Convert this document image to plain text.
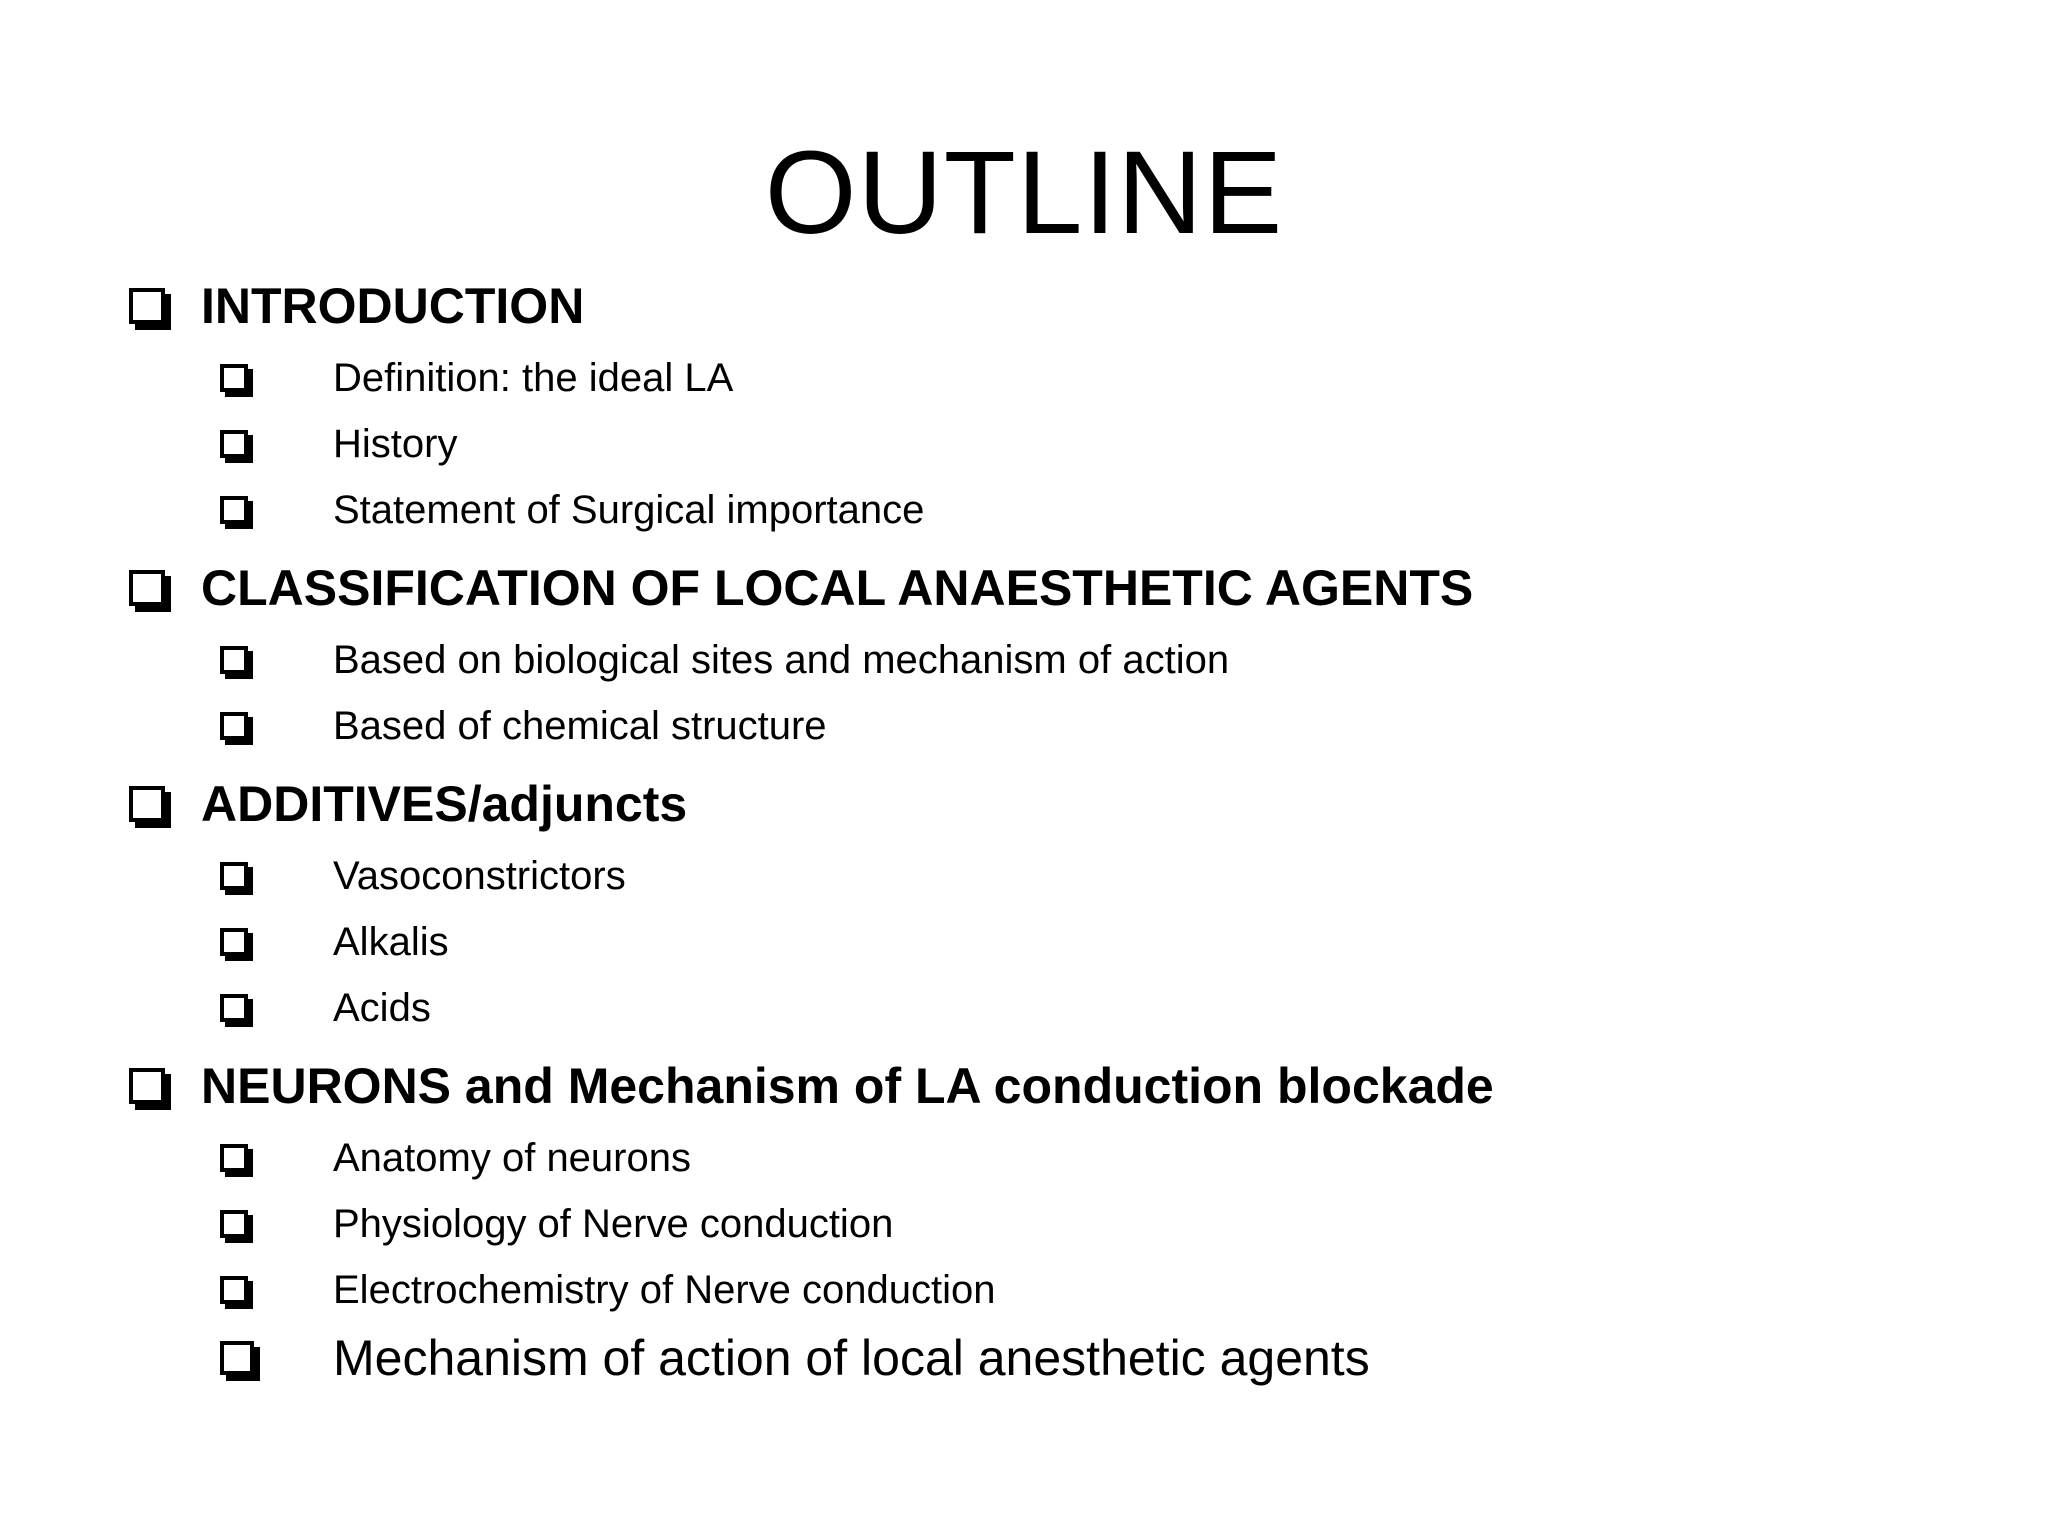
OUTLINE
INTRODUCTION
Definition: the ideal LA
History
Statement of Surgical importance
CLASSIFICATION OF LOCAL ANAESTHETIC AGENTS
Based on biological sites and mechanism of action
Based of chemical structure
ADDITIVES/adjuncts
Vasoconstrictors
Alkalis
Acids
NEURONS and Mechanism of LA conduction blockade
Anatomy of neurons
Physiology of Nerve conduction
Electrochemistry of Nerve conduction
Mechanism of action of local anesthetic agents
